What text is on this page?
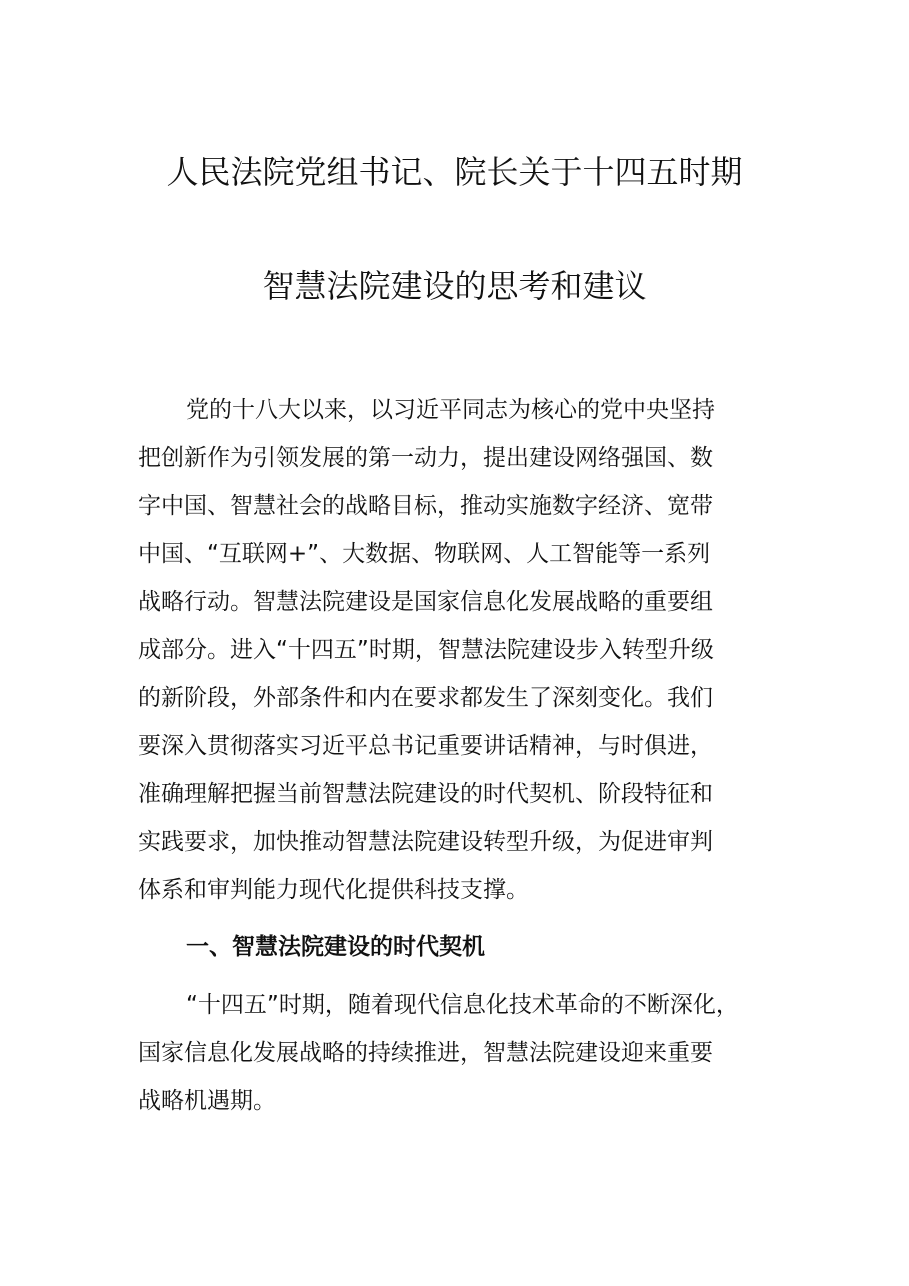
人民法院党组书记、院长关于十四五时期
智慧法院建设的思考和建议
党的十八大以来，以习近平同志为核心的党中央坚持
把创新作为引领发展的第一动力，提出建设网络强国、数
字中国、智慧社会的战略目标，推动实施数字经济、宽带
中国、“互联网+”、大数据、物联网、人工智能等一系列
战略行动。智慧法院建设是国家信息化发展战略的重要组
成部分。进入“十四五”时期，智慧法院建设步入转型升级
的新阶段，外部条件和内在要求都发生了深刻变化。我们
要深入贯彻落实习近平总书记重要讲话精神，与时俱进，
准确理解把握当前智慧法院建设的时代契机、阶段特征和
实践要求，加快推动智慧法院建设转型升级，为促进审判
体系和审判能力现代化提供科技支撑。
一、智慧法院建设的时代契机
“十四五”时期，随着现代信息化技术革命的不断深化，
国家信息化发展战略的持续推进，智慧法院建设迎来重要
战略机遇期。
